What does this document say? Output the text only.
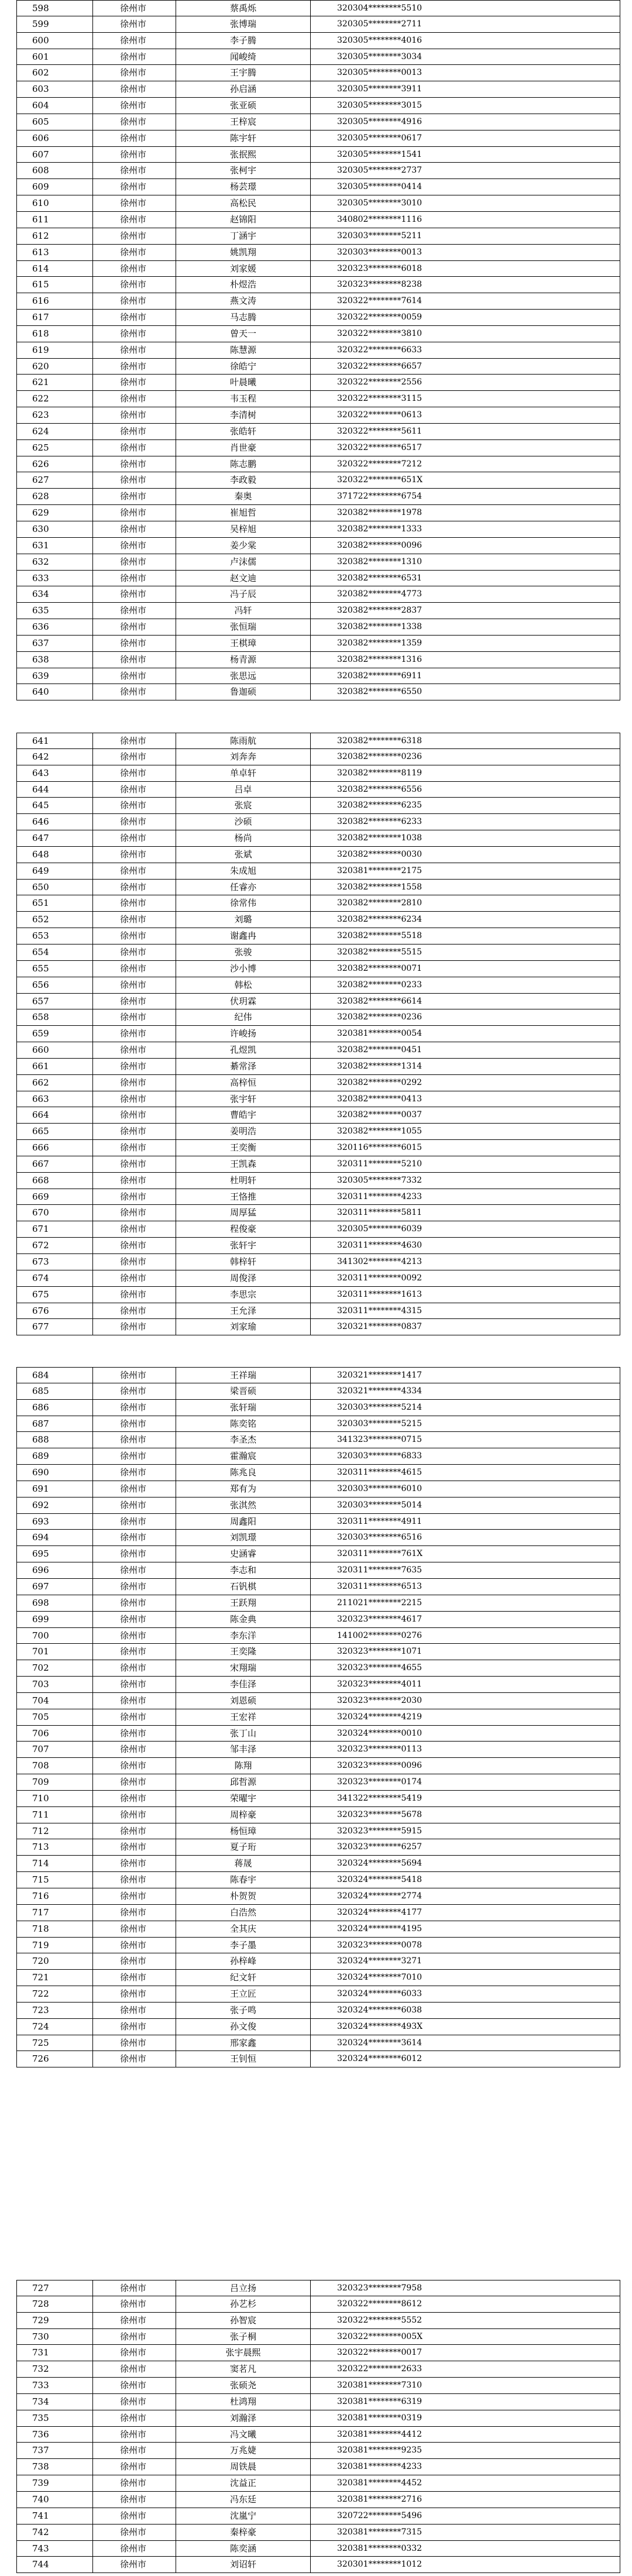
598	徐州市	蔡禹烁	320304********5510
599	徐州市	张博瑞	320305********2711
600	徐州市	李子腾	320305********4016
601	徐州市	闻峻绮	320305********3034
602	徐州市	王宇腾	320305********0013
603	徐州市	孙启涵	320305********3911
604	徐州市	张亚硕	320305********3015
605	徐州市	王梓宸	320305********4916
606	徐州市	陈宇轩	320305********0617
607	徐州市	张抿熙	320305********1541
608	徐州市	张柯宇	320305********2737
609	徐州市	杨芸璟	320305********0414
610	徐州市	高松民	320305********3010
611	徐州市	赵锦阳	340802********1116
612	徐州市	丁涵宇	320303********5211
613	徐州市	姚凯翔	320303********0013
614	徐州市	刘家媛	320323********6018
615	徐州市	朴煜浩	320323********8238
616	徐州市	燕文涛	320322********7614
617	徐州市	马志腾	320322********0059
618	徐州市	曾天一	320322********3810
619	徐州市	陈慧源	320322********6633
620	徐州市	徐皓宁	320322********6657
621	徐州市	叶晨曦	320322********2556
622	徐州市	韦玉程	320322********3115
623	徐州市	李清树	320322********0613
624	徐州市	张皓轩	320322********5611
625	徐州市	肖世豪	320322********6517
626	徐州市	陈志鹏	320322********7212
627	徐州市	李政毅	320322********651X
628	徐州市	秦奥	371722********6754
629	徐州市	崔旭哲	320382********1978
630	徐州市	吴梓旭	320382********1333
631	徐州市	姜少棠	320382********0096
632	徐州市	卢沫儒	320382********1310
633	徐州市	赵文迪	320382********6531
634	徐州市	冯子辰	320382********4773
635	徐州市	冯轩	320382********2837
636	徐州市	张恒瑞	320382********1338
637	徐州市	王棋璋	320382********1359
638	徐州市	杨青源	320382********1316
639	徐州市	张思远	320382********6911
640	徐州市	鲁迦硕	320382********6550
641	徐州市	陈雨航	320382********6318
642	徐州市	刘奔奔	320382********0236
643	徐州市	单卓轩	320382********8119
644	徐州市	吕卓	320382********6556
645	徐州市	张宸	320382********6235
646	徐州市	沙硕	320382********6233
647	徐州市	杨尚	320382********1038
648	徐州市	张斌	320382********0030
649	徐州市	朱成旭	320381********2175
650	徐州市	任睿亦	320382********1558
651	徐州市	徐常伟	320382********2810
652	徐州市	刘璐	320382********6234
653	徐州市	谢鑫冉	320382********5518
654	徐州市	张骏	320382********5515
655	徐州市	沙小博	320382********0071
656	徐州市	韩松	320382********0233
657	徐州市	伏玥霖	320382********6614
658	徐州市	纪伟	320382********0236
659	徐州市	许峻扬	320381********0054
660	徐州市	孔煜凯	320382********0451
661	徐州市	綦常泽	320382********1314
662	徐州市	高梓恒	320382********0292
663	徐州市	张宇轩	320382********0413
664	徐州市	曹皓宇	320382********0037
665	徐州市	姜明浩	320382********1055
666	徐州市	王奕衡	320116********6015
667	徐州市	王凯森	320311********5210
668	徐州市	杜明轩	320305********7332
669	徐州市	王恪推	320311********4233
670	徐州市	周厚猛	320311********5811
671	徐州市	程俊豪	320305********6039
672	徐州市	张轩宇	320311********4630
673	徐州市	韩梓轩	341302********4213
674	徐州市	周俊泽	320311********0092
675	徐州市	李思宗	320311********1613
676	徐州市	王允泽	320311********4315
677	徐州市	刘家瑜	320321********0837
684	徐州市	王祥瑞	320321********1417
685	徐州市	梁晋硕	320321********4334
686	徐州市	张轩瑞	320303********5214
687	徐州市	陈奕铭	320303********5215
688	徐州市	李圣杰	341323********0715
689	徐州市	霍瀚宸	320303********6833
690	徐州市	陈兆良	320311********4615
691	徐州市	郑有为	320303********6010
692	徐州市	张淇然	320303********5014
693	徐州市	周鑫阳	320311********4911
694	徐州市	刘凯璟	320303********6516
695	徐州市	史涵睿	320311********761X
696	徐州市	李志和	320311********7635
697	徐州市	石钒棋	320311********6513
698	徐州市	王跃翔	211021********2215
699	徐州市	陈金典	320323********4617
700	徐州市	李东洋	141002********0276
701	徐州市	王奕隆	320323********1071
702	徐州市	宋翔瑞	320323********4655
703	徐州市	李佳泽	320323********4011
704	徐州市	刘恩硕	320323********2030
705	徐州市	王宏祥	320324********4219
706	徐州市	张丁山	320324********0010
707	徐州市	邹丰泽	320323********0113
708	徐州市	陈翔	320323********0096
709	徐州市	邱哲源	320323********0174
710	徐州市	荣曜宇	341322********5419
711	徐州市	周梓豪	320323********5678
712	徐州市	杨恒璋	320323********5915
713	徐州市	夏子珩	320323********6257
714	徐州市	蒋晟	320324********5694
715	徐州市	陈春宇	320324********5418
716	徐州市	朴贺贺	320324********2774
717	徐州市	白浩然	320324********4177
718	徐州市	全其庆	320324********4195
719	徐州市	李子墨	320323********0078
720	徐州市	孙梓峰	320324********3271
721	徐州市	纪文轩	320324********7010
722	徐州市	王立匠	320324********6033
723	徐州市	张子鸣	320324********6038
724	徐州市	孙文俊	320324********493X
725	徐州市	邢家鑫	320324********3614
726	徐州市	王钊恒	320324********6012
727	徐州市	吕立扬	320323********7958
728	徐州市	孙艺杉	320322********8612
729	徐州市	孙智宸	320322********5552
730	徐州市	张子桐	320322********005X
731	徐州市	张宇晨熙	320322********0017
732	徐州市	窦茗凡	320322********2633
733	徐州市	张硕尧	320381********7310
734	徐州市	杜鸿翔	320381********6319
735	徐州市	刘瀚泽	320381********0319
736	徐州市	冯文曦	320381********4412
737	徐州市	万兆婕	320381********9235
738	徐州市	周铁晨	320381********4233
739	徐州市	沈益正	320381********4452
740	徐州市	冯东廷	320381********2716
741	徐州市	沈嵐宁	320722********5496
742	徐州市	秦梓豪	320381********7315
743	徐州市	陈奕涵	320381********0332
744	徐州市	刘诏轩	320301********1012
